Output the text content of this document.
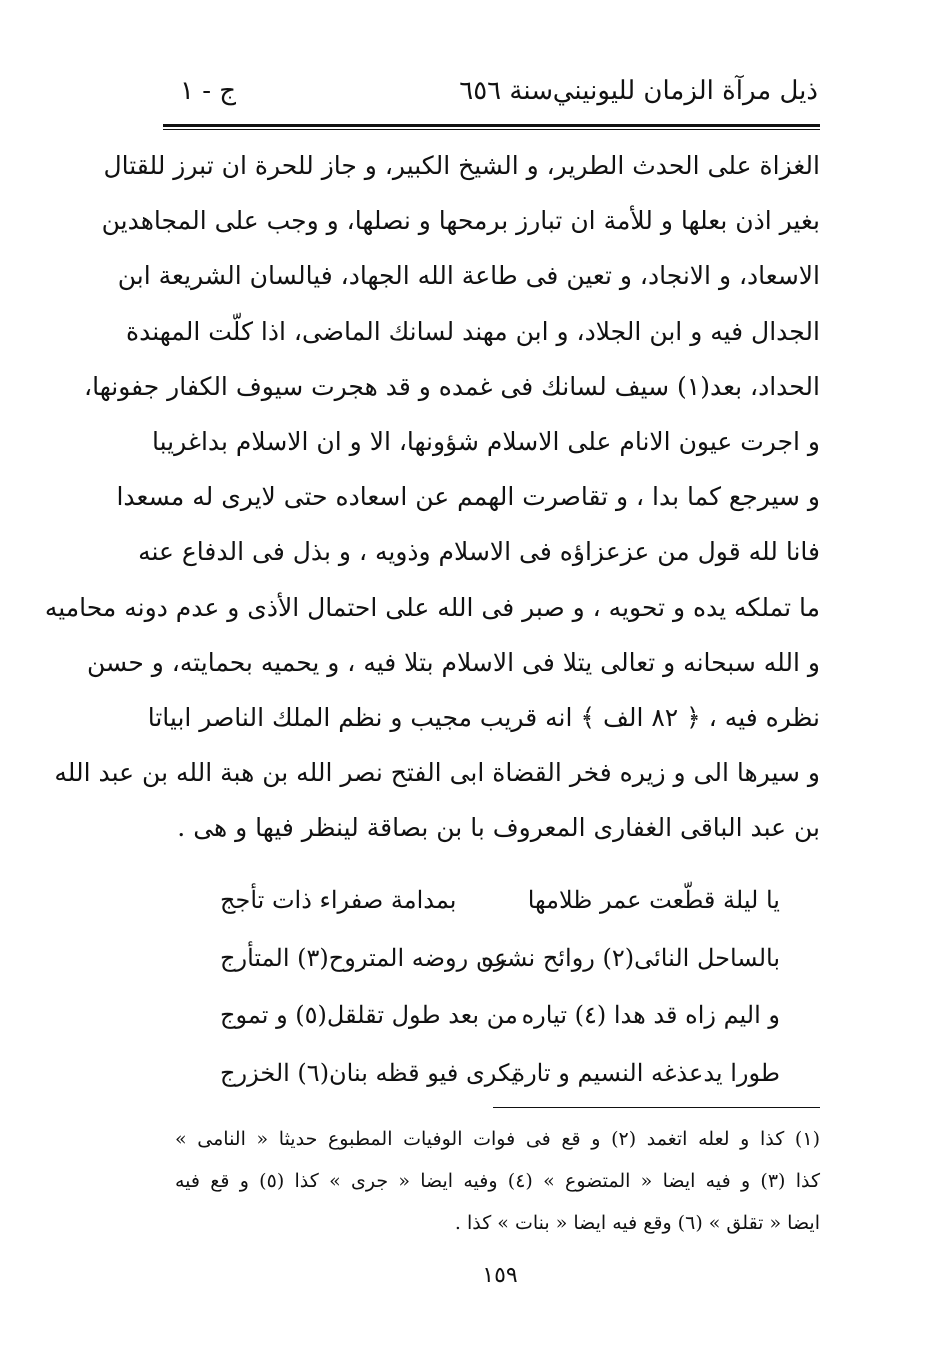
ذيل مرآة الزمان لليونيني
سنة ٦٥٦
ج - ١
الغزاة على الحدث الطرير، و الشيخ الكبير، و جاز للحرة ان تبرز للقتال
بغير اذن بعلها و للأمة ان تبارز برمحها و نصلها، و وجب على المجاهدين
الاسعاد، و الانجاد، و تعين فى طاعة الله الجهاد، فيالسان الشريعة ابن
الجدال فيه و ابن الجلاد، و ابن مهند لسانك الماضى، اذا كلّت المهندة
الحداد، بعد(١) سيف لسانك فى غمده و قد هجرت سيوف الكفار جفونها،
و اجرت عيون الانام على الاسلام شؤونها، الا و ان الاسلام بداغريبا
و سيرجع كما بدا ، و تقاصرت الهمم عن اسعاده حتى لايرى له مسعدا
فانا لله قول من عزعزاؤه فى الاسلام وذويه ، و بذل فى الدفاع عنه
ما تملكه يده و تحويه ، و صبر فى الله على احتمال الأذى و عدم دونه محاميه
و الله سبحانه و تعالى يتلا فى الاسلام بتلا فيه ، و يحميه بحمايته، و حسن
نظره فيه ، ﴿ ٨٢ الف ﴾ انه قريب مجيب و نظم الملك الناصر ابياتا
و سيرها الى و زيره فخر القضاة ابى الفتح نصر الله بن هبة الله بن عبد الله
بن عبد الباقى الغفارى المعروف با بن بصاقة لينظر فيها و هى .
يا ليلة قطّعت عمر ظلامها
بمدامة صفراء ذات تأجج
بالساحل النائى(٢) روائح نشره
عن روضه المتروح(٣) المتأرج
و اليم زاه قد هدا (٤) تياره
من بعد طول تقلقل(٥) و تموج
طورا يدعذغه النسيم و تارة
يكرى فيو قظه بنان(٦) الخزرج
(١) كذا و لعله اتغمد (٢) و قع فى فوات الوفيات المطبوع حديثا « النامى »
كذا (٣) و فيه ايضا « المتضوع » (٤) وفيه ايضا « جرى » كذا (٥) و قع فيه
ايضا « تقلق » (٦) وقع فيه ايضا « بنات » كذا .
١٥٩
